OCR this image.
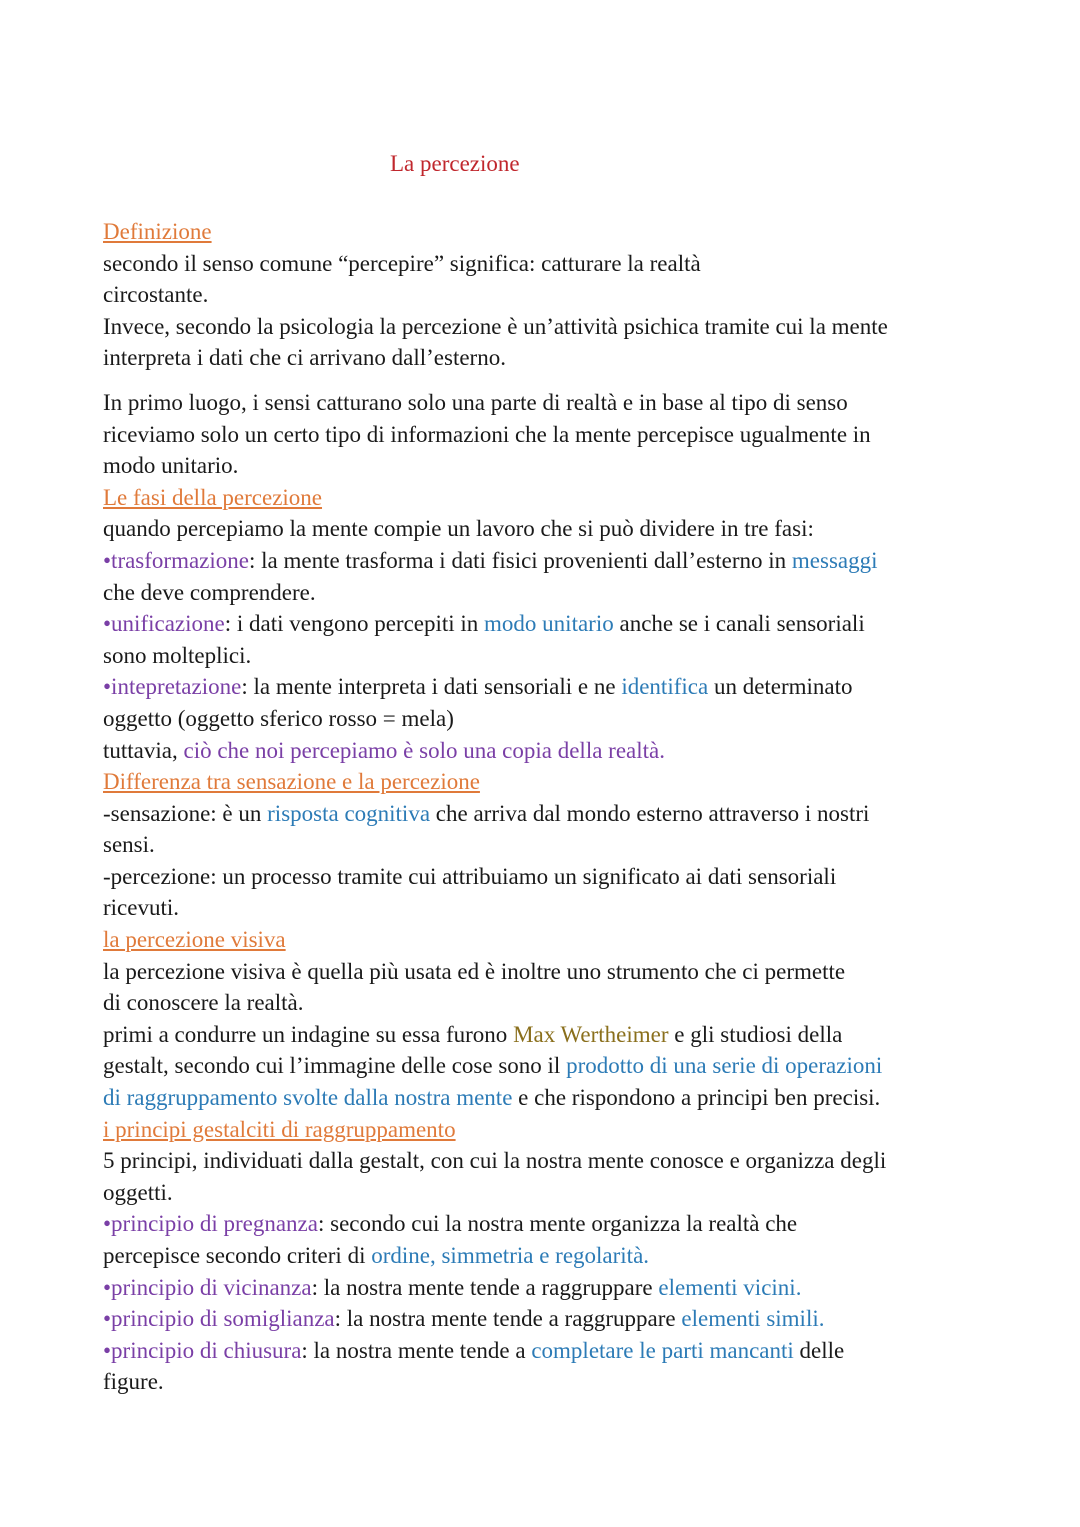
La percezione
Definizione
secondo il senso comune “percepire” significa: catturare la realtà
circostante.
Invece, secondo la psicologia la percezione è un’attività psichica tramite cui la mente
interpreta i dati che ci arrivano dall’esterno.
In primo luogo, i sensi catturano solo una parte di realtà e in base al tipo di senso
riceviamo solo un certo tipo di informazioni che la mente percepisce ugualmente in
modo unitario.
Le fasi della percezione
quando percepiamo la mente compie un lavoro che si può dividere in tre fasi:
•trasformazione: la mente trasforma i dati fisici provenienti dall’esterno in messaggi
che deve comprendere.
•unificazione: i dati vengono percepiti in modo unitario anche se i canali sensoriali
sono molteplici.
•intepretazione: la mente interpreta i dati sensoriali e ne identifica un determinato
oggetto (oggetto sferico rosso = mela)
tuttavia, ciò che noi percepiamo è solo una copia della realtà.
Differenza tra sensazione e la percezione
-sensazione: è un risposta cognitiva che arriva dal mondo esterno attraverso i nostri
sensi.
-percezione: un processo tramite cui attribuiamo un significato ai dati sensoriali
ricevuti.
la percezione visiva
la percezione visiva è quella più usata ed è inoltre uno strumento che ci permette
di conoscere la realtà.
primi a condurre un indagine su essa furono Max Wertheimer e gli studiosi della
gestalt, secondo cui l’immagine delle cose sono il prodotto di una serie di operazioni
di raggruppamento svolte dalla nostra mente e che rispondono a principi ben precisi.
i principi gestalciti di raggruppamento
5 principi, individuati dalla gestalt, con cui la nostra mente conosce e organizza degli
oggetti.
•principio di pregnanza: secondo cui la nostra mente organizza la realtà che
percepisce secondo criteri di ordine, simmetria e regolarità.
•principio di vicinanza: la nostra mente tende a raggruppare elementi vicini.
•principio di somiglianza: la nostra mente tende a raggruppare elementi simili.
•principio di chiusura: la nostra mente tende a completare le parti mancanti delle
figure.
